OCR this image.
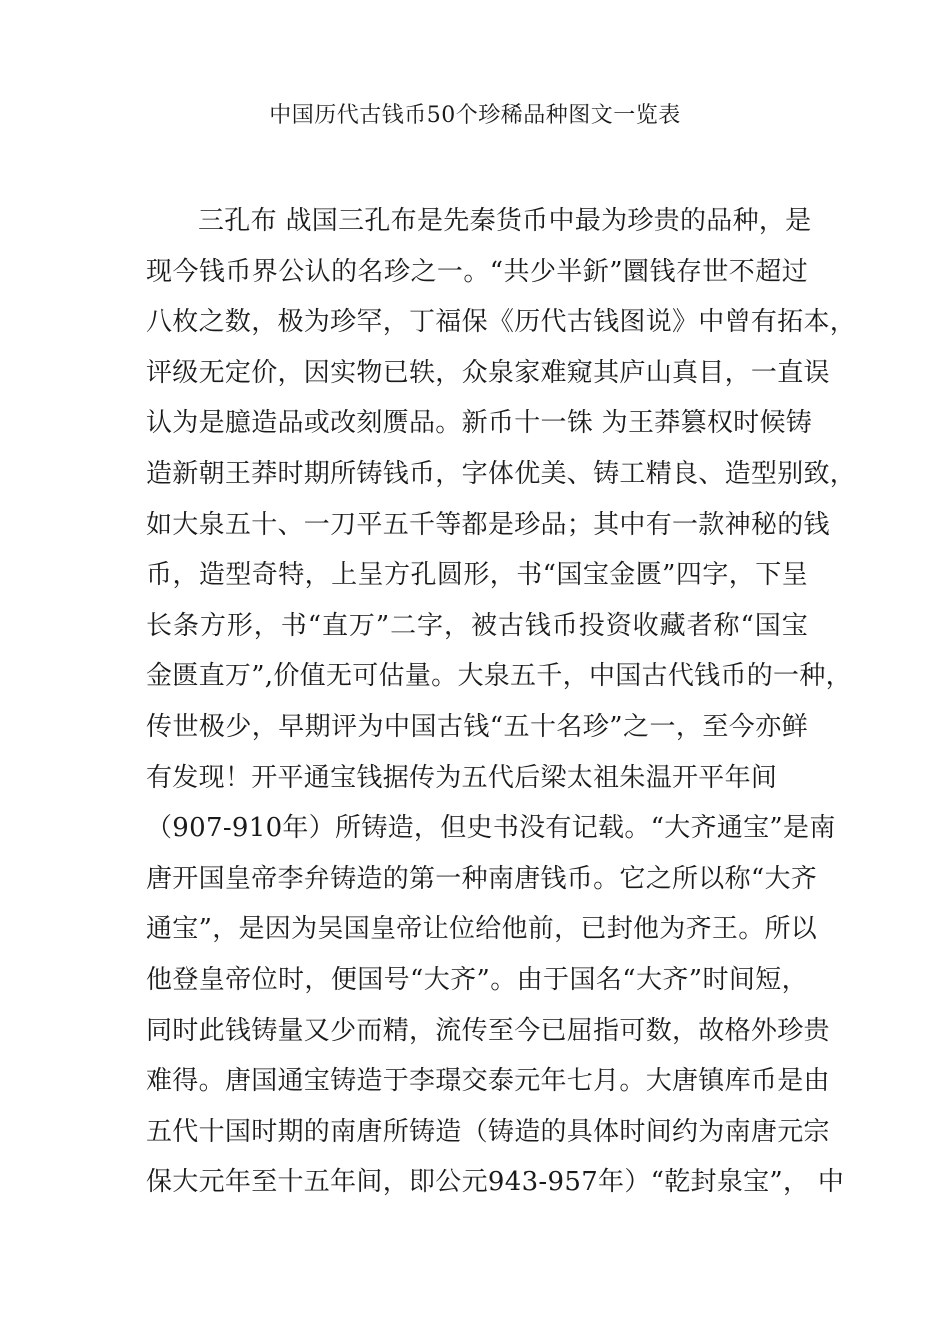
中国历代古钱币50个珍稀品种图文一览表
三孔布 战国三孔布是先秦货币中最为珍贵的品种，是
现今钱币界公认的名珍之一。“共少半釿”圜钱存世不超过
八枚之数，极为珍罕，丁福保《历代古钱图说》中曾有拓本，
评级无定价，因实物已轶，众泉家难窥其庐山真目，一直误
认为是臆造品或改刻赝品。新币十一铢 为王莽篡权时候铸
造新朝王莽时期所铸钱币，字体优美、铸工精良、造型别致，
如大泉五十、一刀平五千等都是珍品；其中有一款神秘的钱
币，造型奇特，上呈方孔圆形，书“国宝金匮”四字，下呈
长条方形，书“直万”二字，被古钱币投资收藏者称“国宝
金匮直万”,价值无可估量。大泉五千，中国古代钱币的一种，
传世极少，早期评为中国古钱“五十名珍”之一，至今亦鲜
有发现！开平通宝钱据传为五代后梁太祖朱温开平年间
（907-910年）所铸造，但史书没有记载。“大齐通宝”是南
唐开国皇帝李弁铸造的第一种南唐钱币。它之所以称“大齐
通宝”，是因为吴国皇帝让位给他前，已封他为齐王。所以
他登皇帝位时，便国号“大齐”。由于国名“大齐”时间短，
同时此钱铸量又少而精，流传至今已屈指可数，故格外珍贵
难得。唐国通宝铸造于李璟交泰元年七月。大唐镇库币是由
五代十国时期的南唐所铸造（铸造的具体时间约为南唐元宗
保大元年至十五年间，即公元943-957年）“乾封泉宝”， 中
